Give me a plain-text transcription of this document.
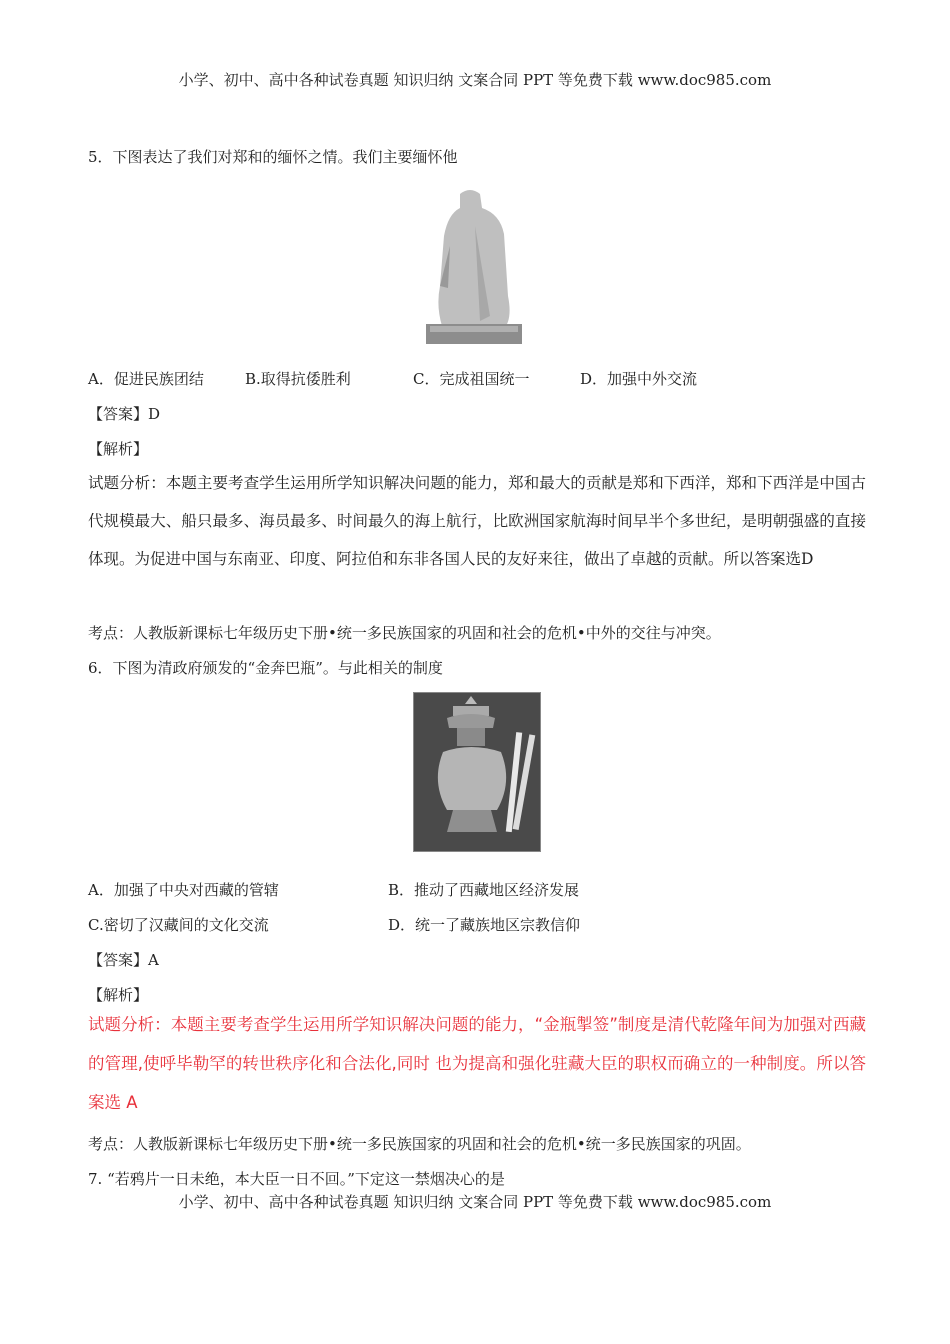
小学、初中、高中各种试卷真题 知识归纳 文案合同 PPT 等免费下载 www.doc985.com
5．下图表达了我们对郑和的缅怀之情。我们主要缅怀他
A．促进民族团结	B.取得抗倭胜利	C．完成祖国统一	D．加强中外交流
【答案】D
【解析】
试题分析：本题主要考查学生运用所学知识解决问题的能力，郑和最大的贡献是郑和下西洋，郑和下西洋是中国古代规模最大、船只最多、海员最多、时间最久的海上航行，比欧洲国家航海时间早半个多世纪，是明朝强盛的直接体现。为促进中国与东南亚、印度、阿拉伯和东非各国人民的友好来往，做出了卓越的贡献。所以答案选D
考点：人教版新课标七年级历史下册•统一多民族国家的巩固和社会的危机•中外的交往与冲突。
6．下图为清政府颁发的“金奔巴瓶”。与此相关的制度
A．加强了中央对西藏的管辖	B．推动了西藏地区经济发展
C.密切了汉藏间的文化交流	D．统一了藏族地区宗教信仰
【答案】A
【解析】
试题分析：本题主要考查学生运用所学知识解决问题的能力，“金瓶掣签”制度是清代乾隆年间为加强对西藏的管理,使呼毕勒罕的转世秩序化和合法化,同时 也为提高和强化驻藏大臣的职权而确立的一种制度。所以答案选 A
考点：人教版新课标七年级历史下册•统一多民族国家的巩固和社会的危机•统一多民族国家的巩固。
7. “若鸦片一日未绝，本大臣一日不回。”下定这一禁烟决心的是
小学、初中、高中各种试卷真题 知识归纳 文案合同 PPT 等免费下载 www.doc985.com
